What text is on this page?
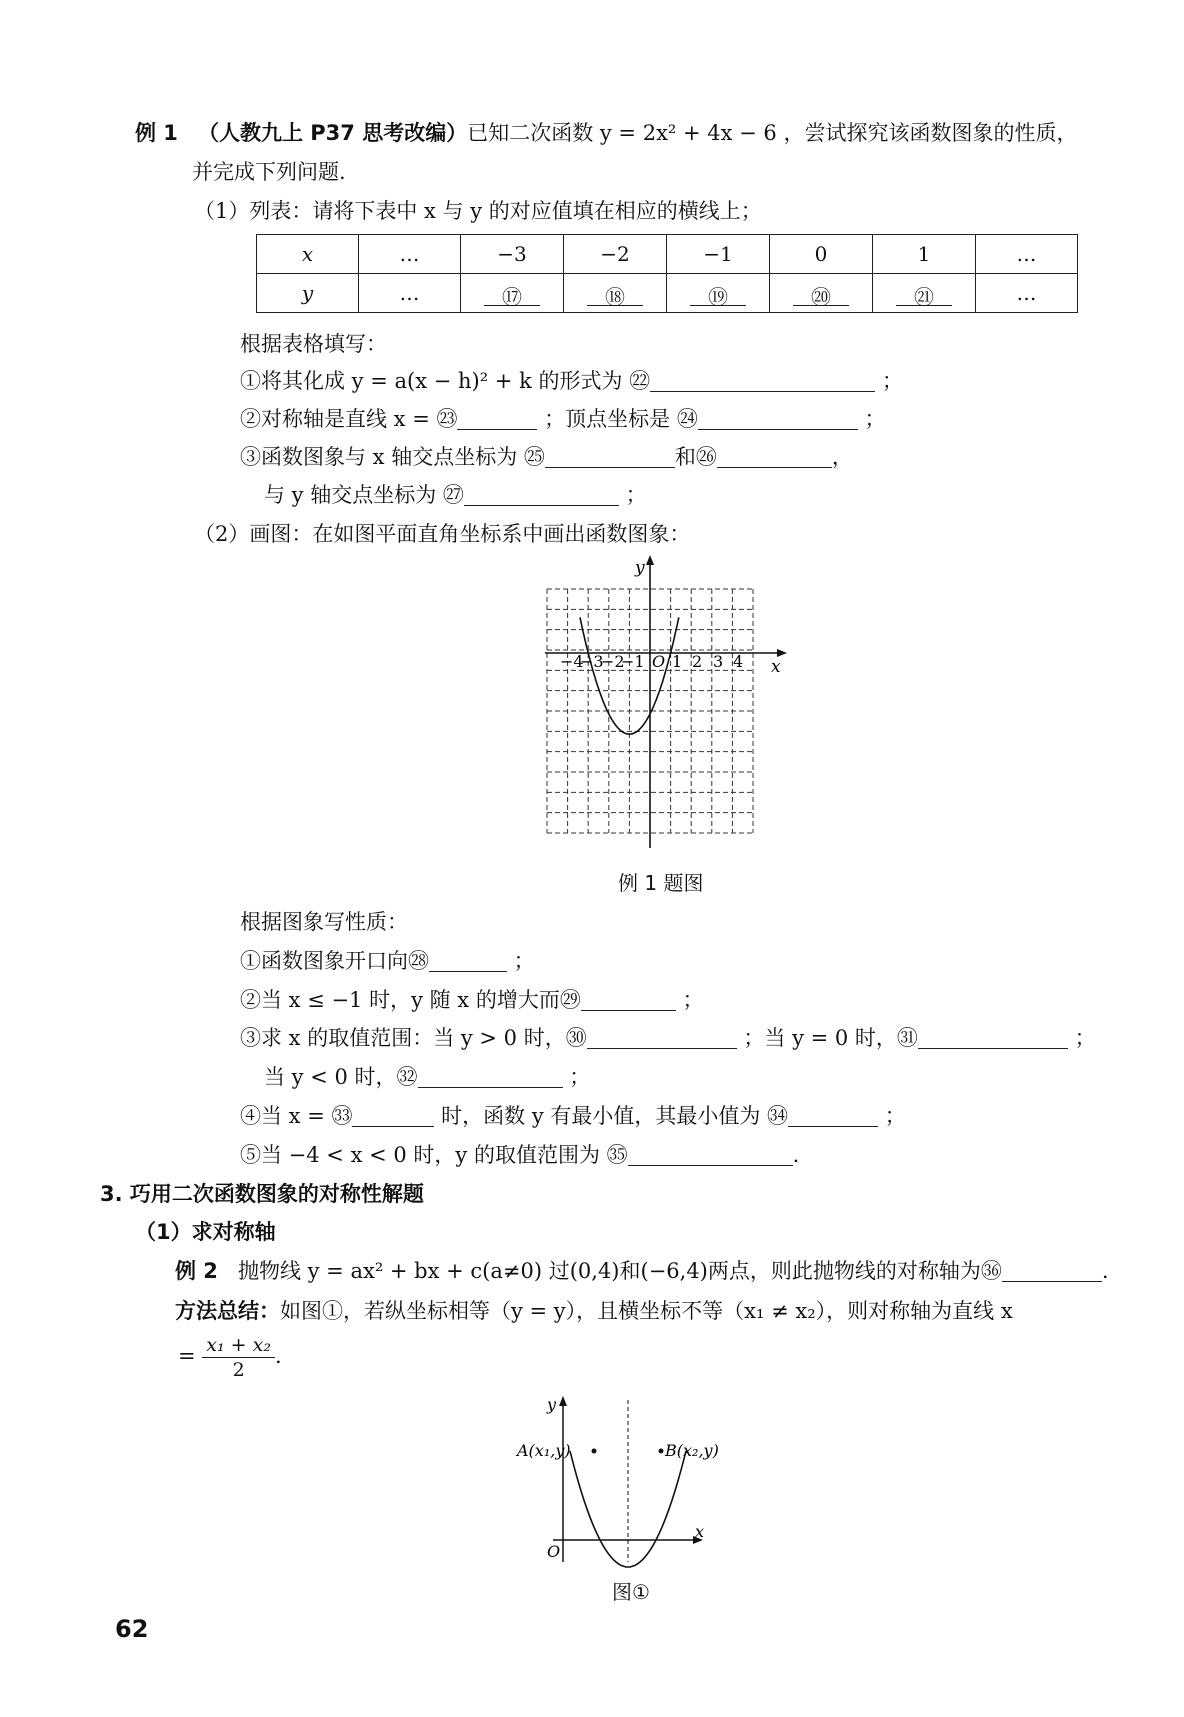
例 1 （人教九上 P37 思考改编）已知二次函数 y = 2x² + 4x − 6 ，尝试探究该函数图象的性质，
并完成下列问题.
（1）列表：请将下表中 x 与 y 的对应值填在相应的横线上；
x	…	−3	−2	−1	0	1	…
y	…	⑰	⑱	⑲	⑳	㉑	…
根据表格填写：
①将其化成 y = a(x − h)² + k 的形式为 ㉒	；
②对称轴是直线 x = ㉓	；顶点坐标是 ㉔	；
③函数图象与 x 轴交点坐标为 ㉕	和㉖	，
与 y 轴交点坐标为 ㉗	；
（2）画图：在如图平面直角坐标系中画出函数图象：
y
x
−4
−3
−2
−1 O 1 2 3 4
例 1 题图
根据图象写性质：
①函数图象开口向㉘	；
②当 x ≤ −1 时，y 随 x 的增大而㉙	；
③求 x 的取值范围：当 y > 0 时，㉚	；当 y = 0 时，㉛	；
当 y < 0 时，㉜	；
④当 x = ㉝	时，函数 y 有最小值，其最小值为 ㉞	；
⑤当 −4 < x < 0 时，y 的取值范围为 ㉟	.
3. 巧用二次函数图象的对称性解题
（1）求对称轴
例 2 抛物线 y = ax² + bx + c(a≠0) 过(0,4)和(−6,4)两点，则此抛物线的对称轴为㊱	.
方法总结：如图①，若纵坐标相等（y = y），且横坐标不等（x₁ ≠ x₂），则对称轴为直线 x
= $\frac{\text{x₁ + x₂}}{2}$ .
A(x₁,y)	B(x₂,y)
y
x
O
图①
62
